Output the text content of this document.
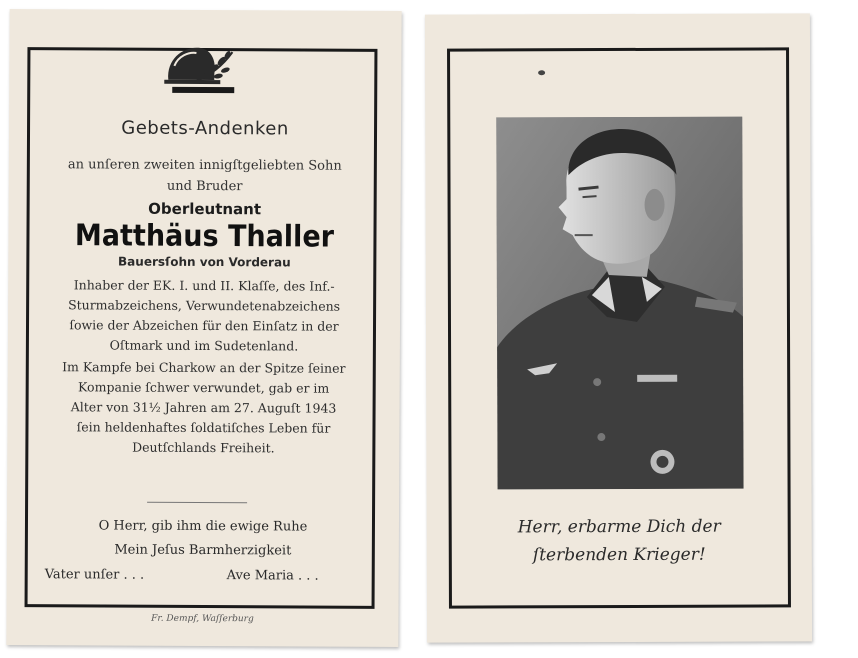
Gebets-Andenken
an unſeren zweiten innigſtgeliebten Sohn
und Bruder
Oberleutnant
Matthäus Thaller
Bauersſohn von Vorderau
Inhaber der EK. I. und II. Klaſſe, des Inf.-
Sturmabzeichens, Verwundetenabzeichens
ſowie der Abzeichen für den Einſatz in der
Oſtmark und im Sudetenland.
Im Kampfe bei Charkow an der Spitze ſeiner
Kompanie ſchwer verwundet, gab er im
Alter von 31½ Jahren am 27. Auguſt 1943
ſein heldenhaftes ſoldatiſches Leben für
Deutſchlands Freiheit.
O Herr, gib ihm die ewige Ruhe
Mein Jeſus Barmherzigkeit
Vater unſer . . .	Ave Maria . . .
Fr. Dempf, Waſſerburg
Herr, erbarme Dich der
ſterbenden Krieger!
